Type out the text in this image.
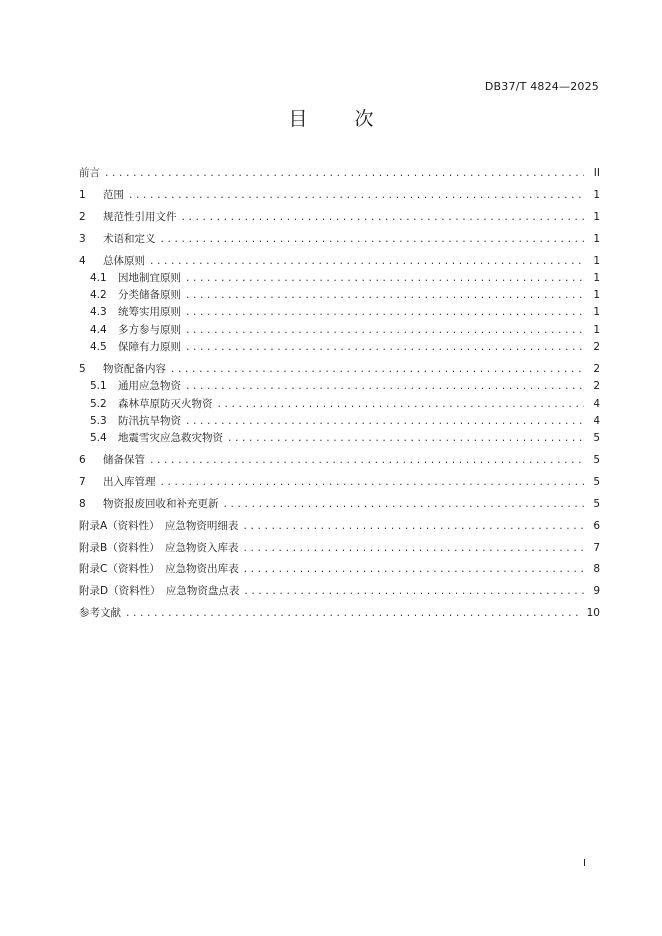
DB37/T 4824—2025
目　次
前言 .....	II
1	范围 .....	1
2	规范性引用文件 .....	1
3	术语和定义 .....	1
4	总体原则 .....	1
4.1	因地制宜原则 .....	1
4.2	分类储备原则 .....	1
4.3	统筹实用原则 .....	1
4.4	多方参与原则 .....	1
4.5	保障有力原则 .....	2
5	物资配备内容 .....	2
5.1	通用应急物资 .....	2
5.2	森林草原防灭火物资 .....	4
5.3	防汛抗旱物资 .....	4
5.4	地震雪灾应急救灾物资 .....	5
6	储备保管 .....	5
7	出入库管理 .....	5
8	物资报废回收和补充更新 .....	5
附录A（资料性）　应急物资明细表 .....	6
附录B（资料性）　应急物资入库表 .....	7
附录C（资料性）　应急物资出库表 .....	8
附录D（资料性）　应急物资盘点表 .....	9
参考文献 .....	10
I
